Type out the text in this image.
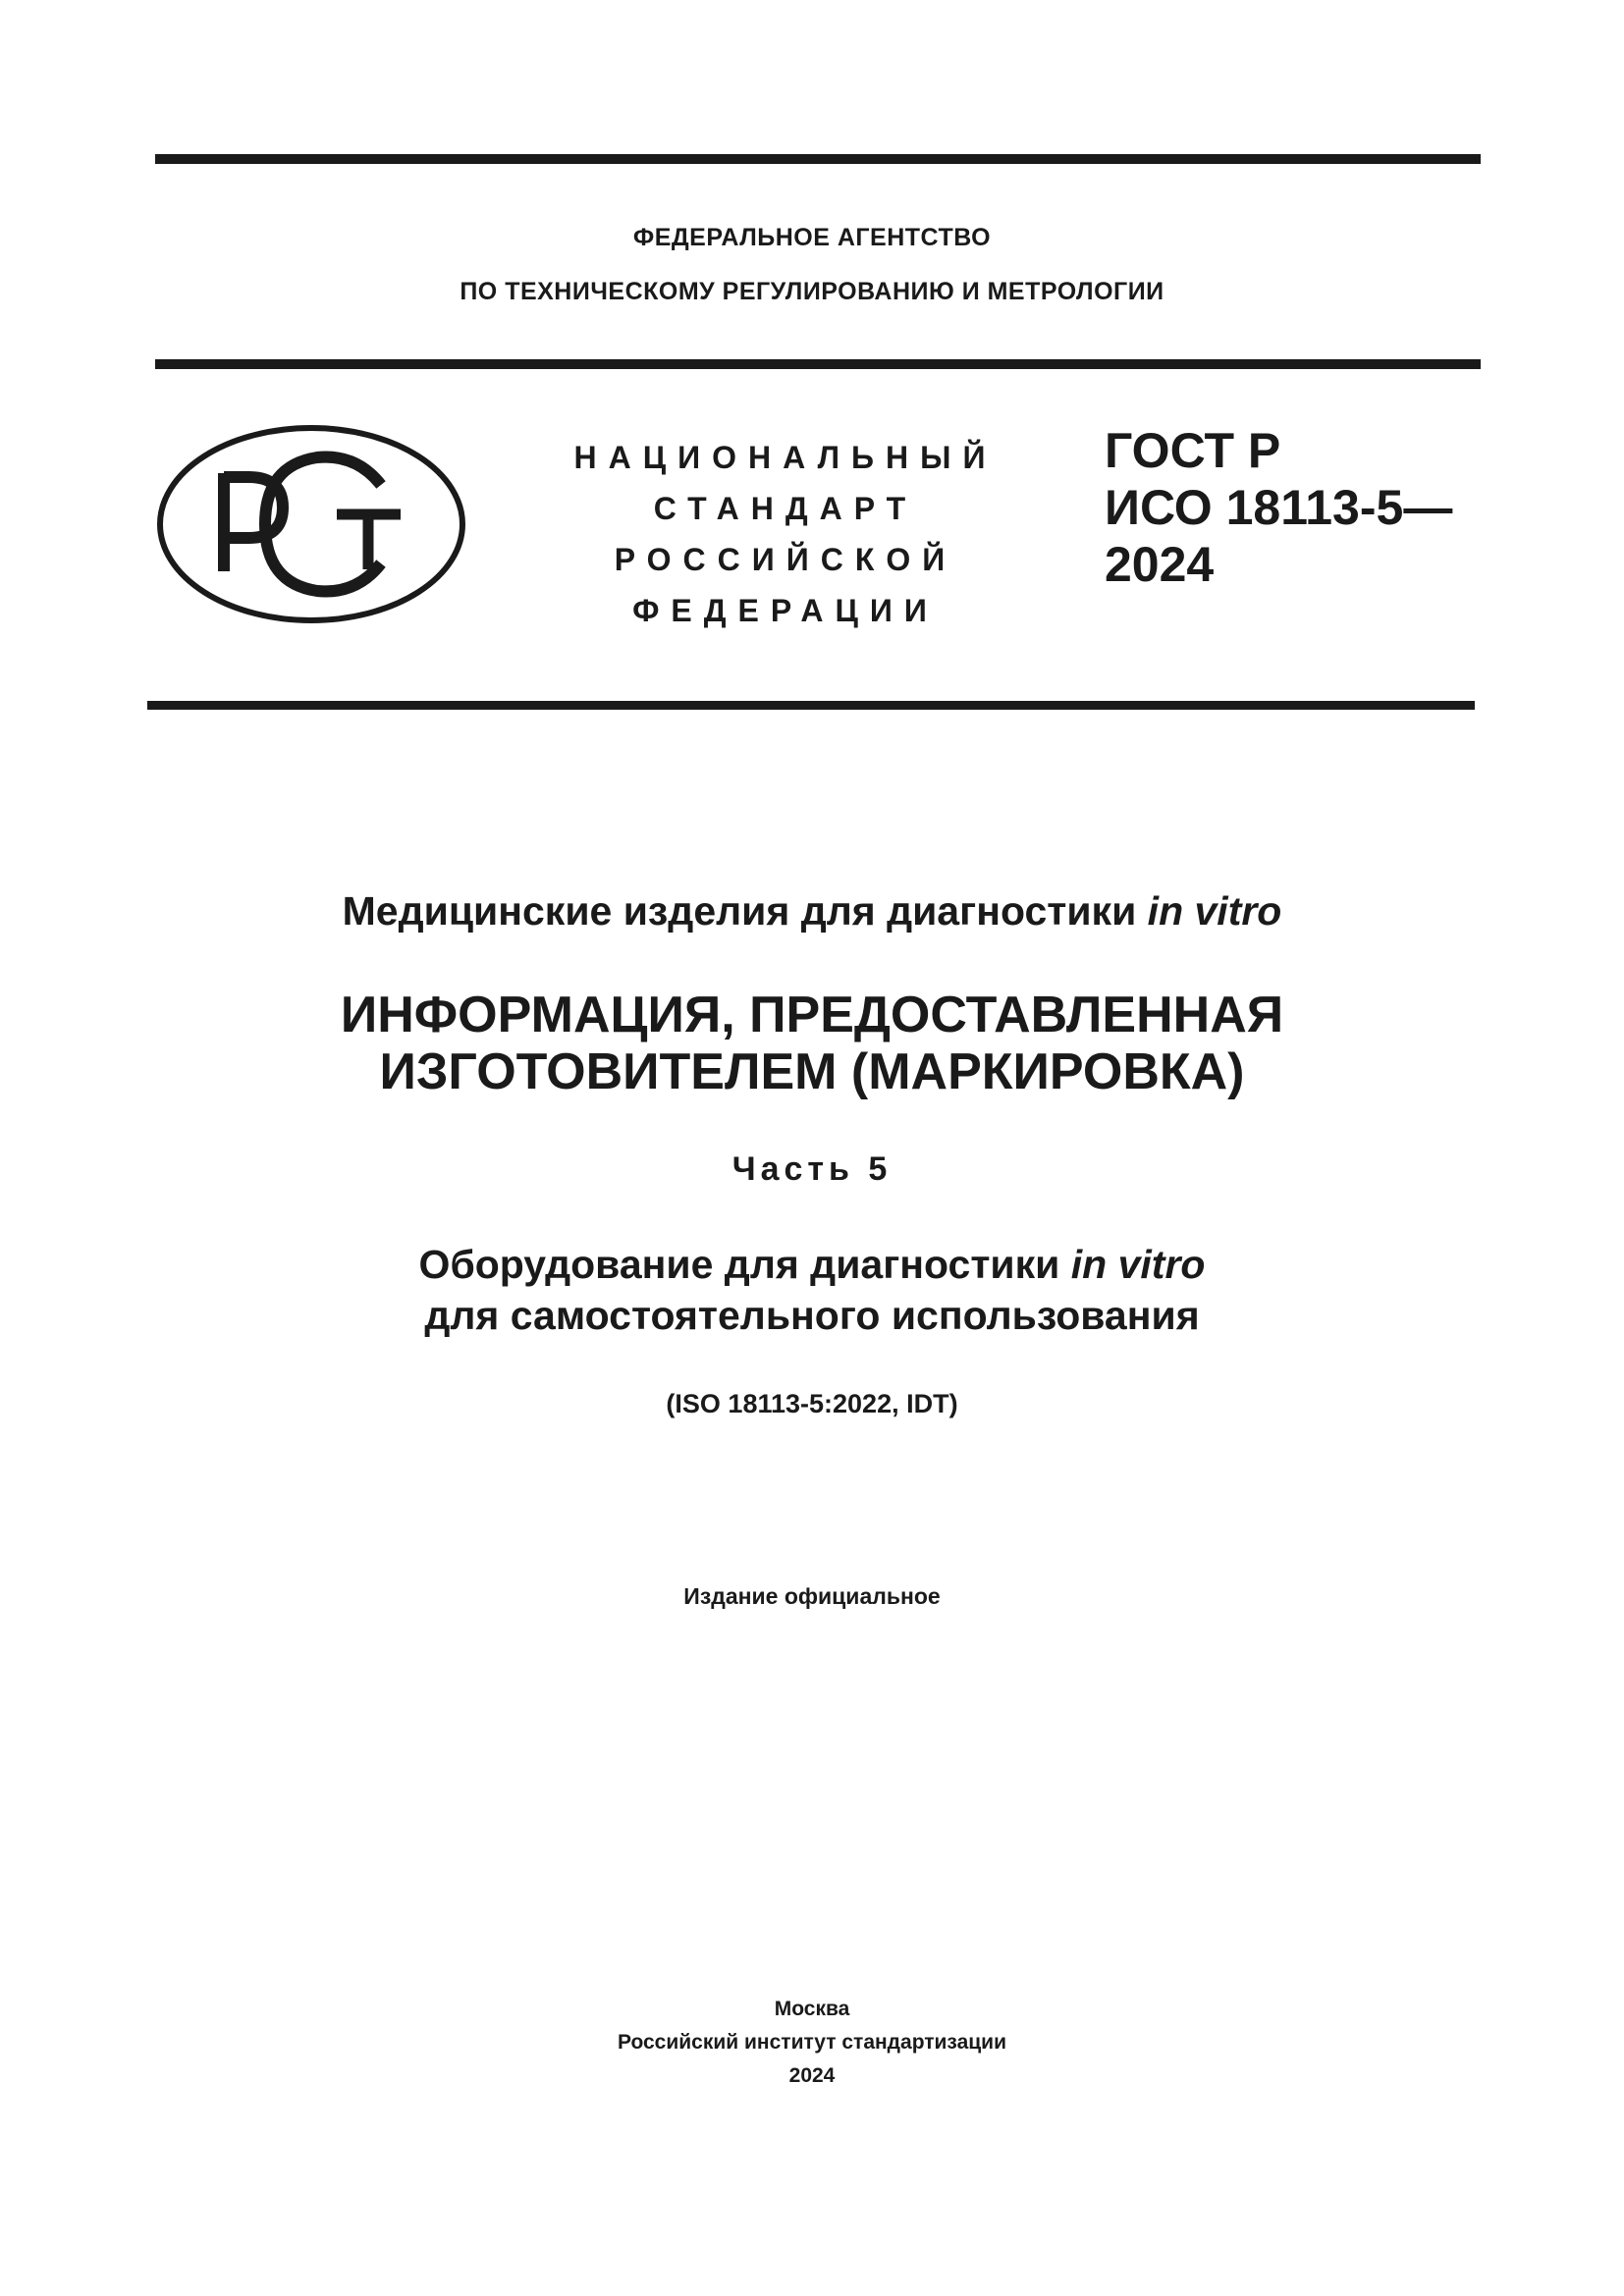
ФЕДЕРАЛЬНОЕ АГЕНТСТВО
ПО ТЕХНИЧЕСКОМУ РЕГУЛИРОВАНИЮ И МЕТРОЛОГИИ
НАЦИОНАЛЬНЫЙ
СТАНДАРТ
РОССИЙСКОЙ
ФЕДЕРАЦИИ
ГОСТ Р
ИСО 18113-5—
2024
Медицинские изделия для диагностики in vitro
ИНФОРМАЦИЯ, ПРЕДОСТАВЛЕННАЯ
ИЗГОТОВИТЕЛЕМ (МАРКИРОВКА)
Часть 5
Оборудование для диагностики in vitro
для самостоятельного использования
(ISO 18113-5:2022, IDT)
Издание официальное
Москва
Российский институт стандартизации
2024
